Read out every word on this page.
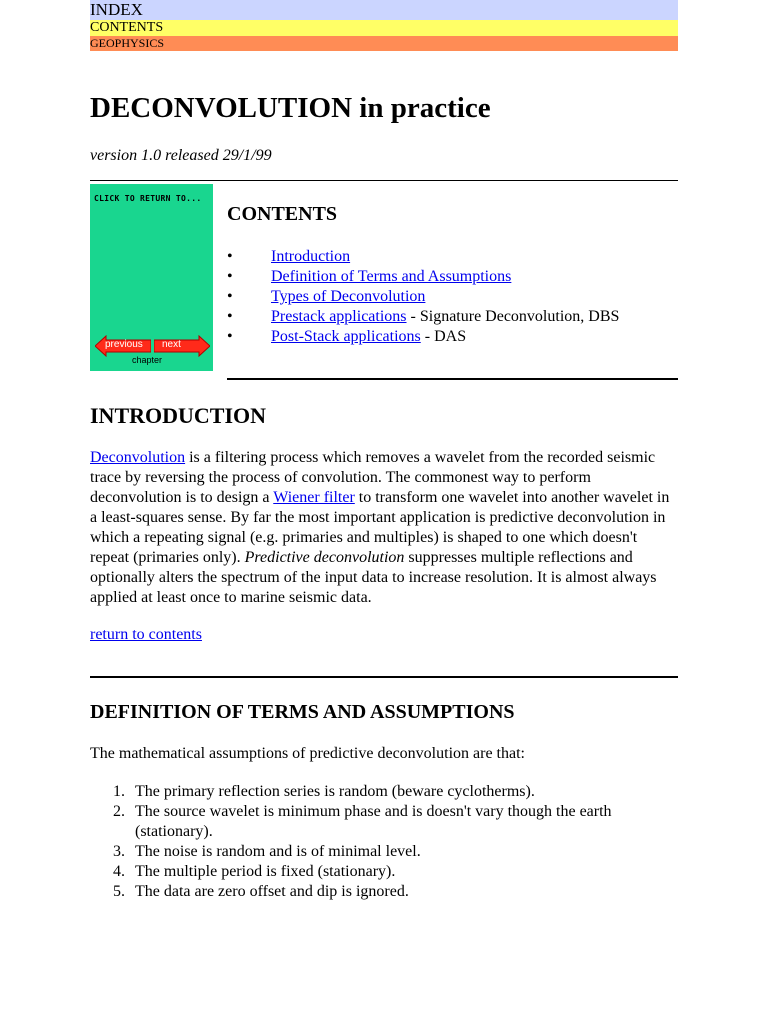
DECONVOLUTION in practice
version 1.0 released 29/1/99
CLICK TO RETURN TO...
INDEX
CONTENTS
GEOPHYSICS
previous next
chapter
CONTENTS
• Introduction
• Definition of Terms and Assumptions
• Types of Deconvolution
• Prestack applications - Signature Deconvolution, DBS
• Post-Stack applications - DAS
INTRODUCTION

Deconvolution is a filtering process which removes a wavelet from the recorded seismic trace by reversing the process of convolution. The commonest way to perform deconvolution is to design a Wiener filter to transform one wavelet into another wavelet in a least-squares sense. By far the most important application is predictive deconvolution in which a repeating signal (e.g. primaries and multiples) is shaped to one which doesn't repeat (primaries only). Predictive deconvolution suppresses multiple reflections and optionally alters the spectrum of the input data to increase resolution. It is almost always applied at least once to marine seismic data.

return to contents
DEFINITION OF TERMS AND ASSUMPTIONS
The mathematical assumptions of predictive deconvolution are that:
1. The primary reflection series is random (beware cyclotherms).
2. The source wavelet is minimum phase and is doesn't vary though the earth (stationary).
3. The noise is random and is of minimal level.
4. The multiple period is fixed (stationary).
5. The data are zero offset and dip is ignored.
